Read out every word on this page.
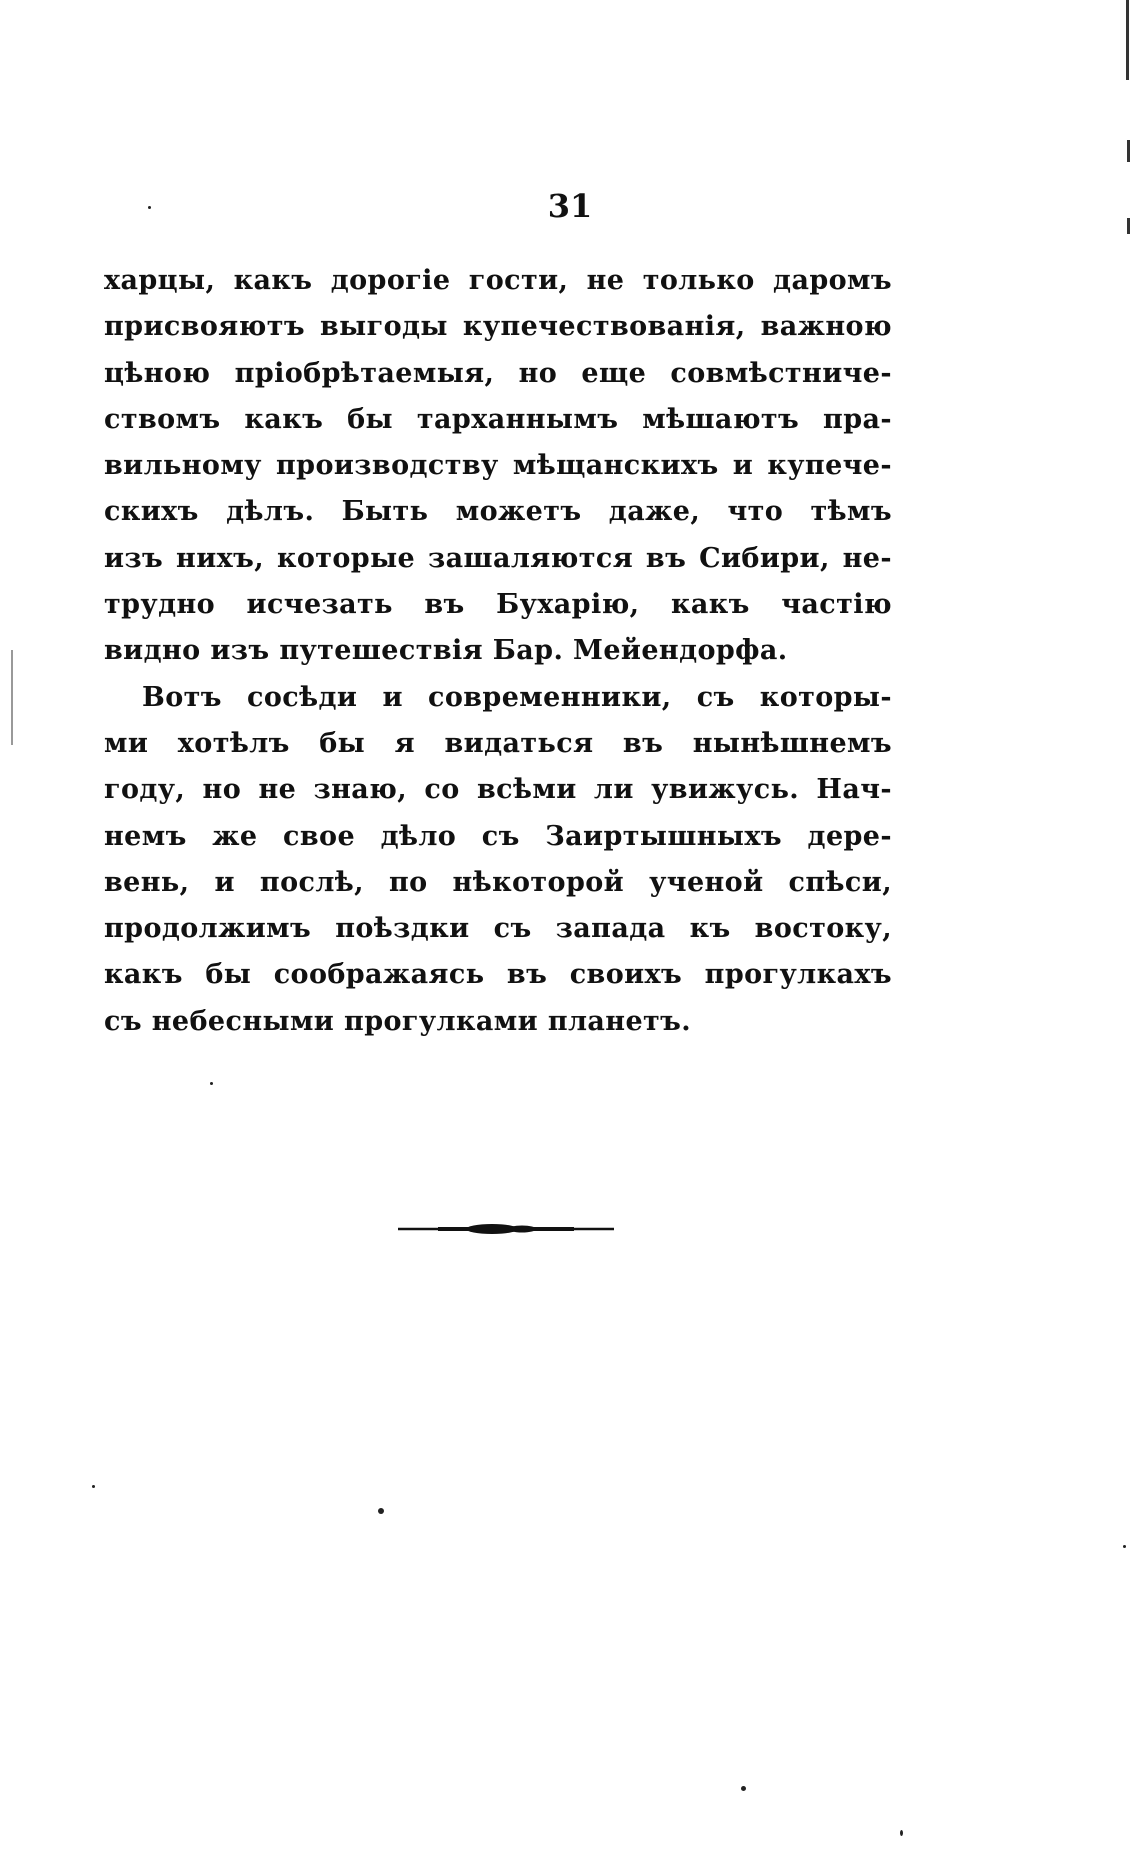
31
харцы, какъ дорогіе гости, не только даромъ
присвояютъ выгоды купечествованія, важною
цѣною пріобрѣтаемыя, но еще совмѣстниче-
ствомъ какъ бы тарханнымъ мѣшаютъ пра-
вильному производству мѣщанскихъ и купече-
скихъ дѣлъ. Быть можетъ даже, что тѣмъ
изъ нихъ, которые зашаляются въ Сибири, не-
трудно исчезать въ Бухарію, какъ частію
видно изъ путешествія Бар. Мейендорфа.
Вотъ сосѣди и современники, съ которы-
ми хотѣлъ бы я видаться въ нынѣшнемъ
году, но не знаю, со всѣми ли увижусь. Нач-
немъ же свое дѣло съ Заиртышныхъ дере-
вень, и послѣ, по нѣкоторой ученой спѣси,
продолжимъ поѣздки съ запада къ востоку,
какъ бы соображаясь въ своихъ прогулкахъ
съ небесными прогулками планетъ.
